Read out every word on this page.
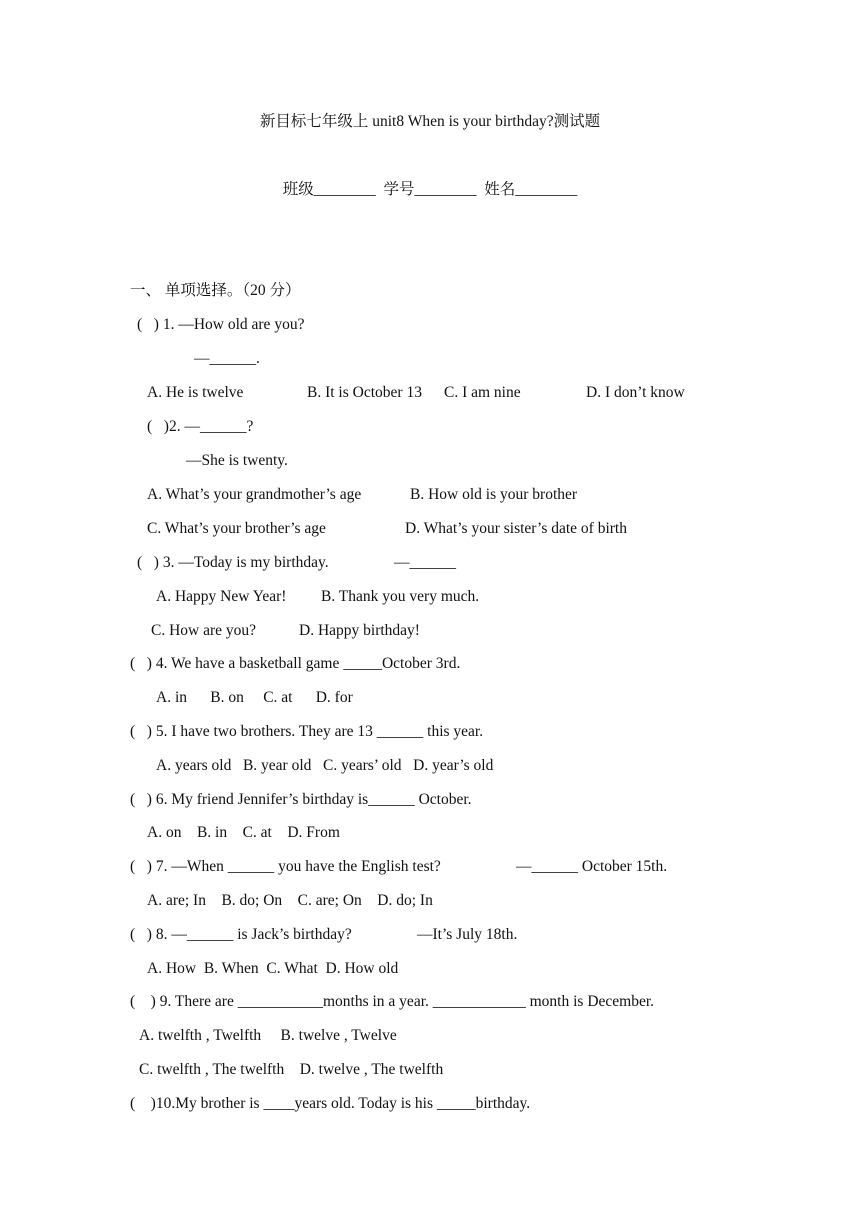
新目标七年级上 unit8 When is your birthday?测试题
班级________  学号________  姓名________
一、 单项选择。（20 分）
(   ) 1. —How old are you?
—______.
A. He is twelve	B. It is October 13 C. I am nine	D. I don’t know
(   )2. —______?
—She is twenty.
A. What’s your grandmother’s age	B. How old is your brother
C. What’s your brother’s age	D. What’s your sister’s date of birth
(   ) 3. —Today is my birthday.	—______
A. Happy New Year! B. Thank you very much.
C. How are you?	D. Happy birthday!
(   ) 4. We have a basketball game _____October 3rd.
A. in      B. on     C. at      D. for
(   ) 5. I have two brothers. They are 13 ______ this year.
A. years old   B. year old   C. years’ old   D. year’s old
(   ) 6. My friend Jennifer’s birthday is______ October.
A. on    B. in    C. at    D. From
(   ) 7. —When ______ you have the English test?	—______ October 15th.
A. are; In    B. do; On    C. are; On    D. do; In
(   ) 8. —______ is Jack’s birthday?	—It’s July 18th.
A. How  B. When  C. What  D. How old
(    ) 9. There are ___________months in a year. ____________ month is December.
A. twelfth , Twelfth     B. twelve , Twelve
C. twelfth , The twelfth    D. twelve , The twelfth
(    )10.My brother is ____years old. Today is his _____birthday.
